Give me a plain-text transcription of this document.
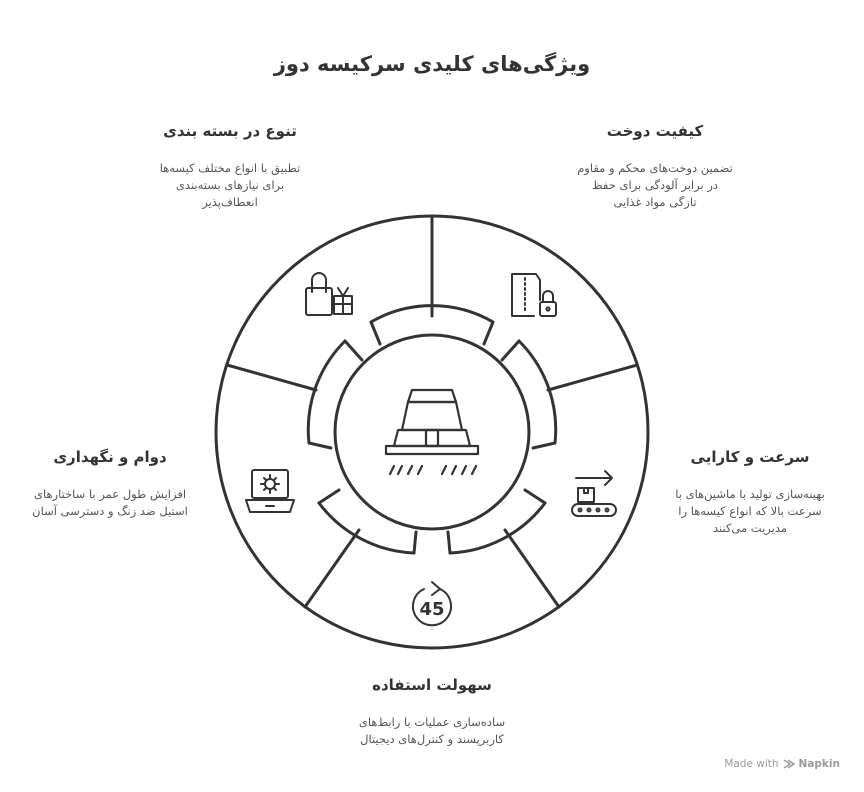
ویژگی‌های کلیدی سرکیسه دوز
کیفیت دوخت

تضمین دوخت‌های محکم و مقاوم
در برابر آلودگی برای حفظ
تازگی مواد غذایی

تنوع در بسته بندی

تطبیق با انواع مختلف کیسه‌ها
برای نیازهای بسته‌بندی
انعطاف‌پذیر

سرعت و کارایی

بهینه‌سازی تولید با ماشین‌های با
سرعت بالا که انواع کیسه‌ها را
مدیریت می‌کنند

دوام و نگهداری

افزایش طول عمر با ساختارهای
استیل ضد زنگ و دسترسی آسان

سهولت استفاده

ساده‌سازی عملیات با رابط‌های
کاربرپسند و کنترل‌های دیجیتال

45
Made with Napkin
